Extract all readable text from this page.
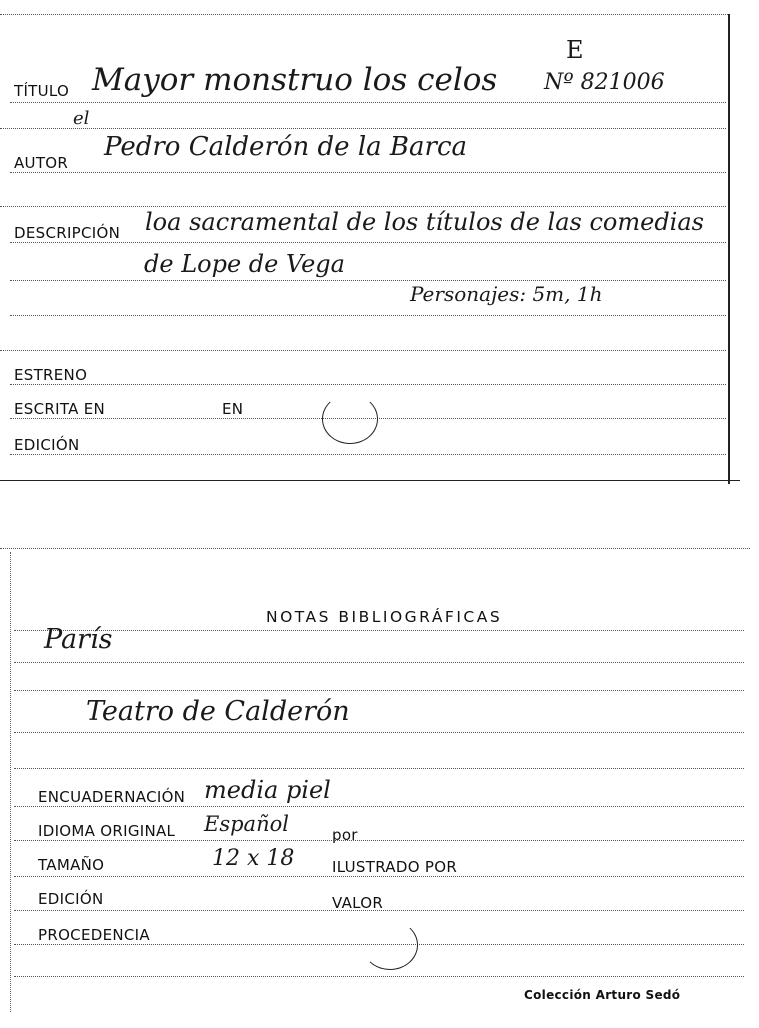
E
TÍTULO Mayor monstruo los celos Nº 821006
el
AUTOR
Pedro Calderón de la Barca
DESCRIPCIÓN loa sacramental de los títulos de las comedias
de Lope de Vega
Personajes: 5m, 1h
ESTRENO
ESCRITA EN	EN
EDICIÓN
NOTAS BIBLIOGRÁFICAS
París
Teatro de Calderón
ENCUADERNACIÓN media piel
IDIOMA ORIGINAL Español	por
TAMAÑO	12 x 18	ILUSTRADO POR
EDICIÓN	VALOR
PROCEDENCIA
Colección Arturo Sedó
